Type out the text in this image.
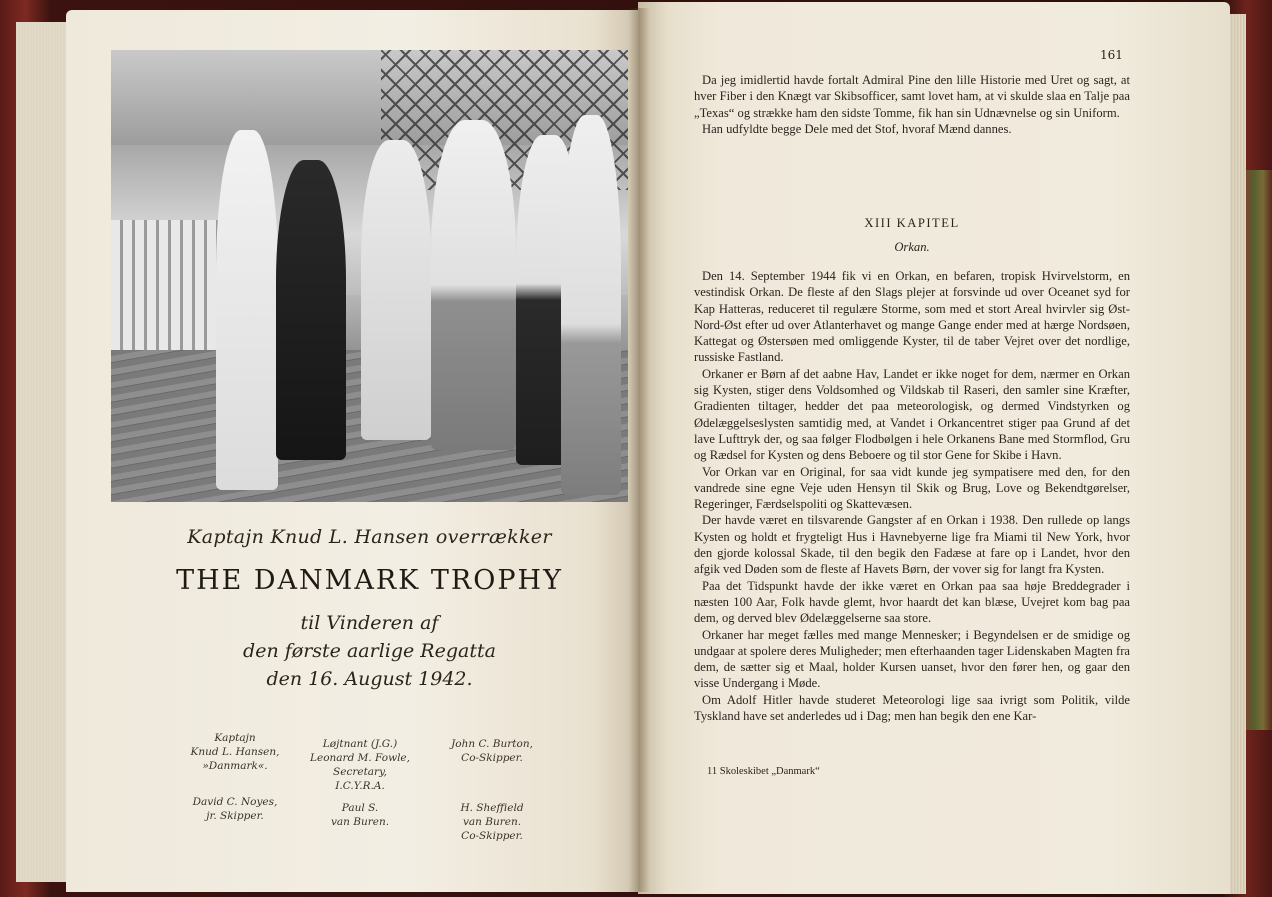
Kaptajn Knud L. Hansen overrækker
THE DANMARK TROPHY
til Vinderen af
den første aarlige Regatta
den 16. August 1942.
Kaptajn
Knud L. Hansen,
»Danmark«.
Løjtnant (J.G.)
Leonard M. Fowle,
Secretary,
I.C.Y.R.A.
John C. Burton,
Co-Skipper.
David C. Noyes,
jr. Skipper.
Paul S.
van Buren.
H. Sheffield
van Buren.
Co-Skipper.
161

Da jeg imidlertid havde fortalt Admiral Pine den lille Historie med Uret og sagt, at hver Fiber i den Knægt var Skibsofficer, samt lovet ham, at vi skulde slaa en Talje paa „Texas“ og strække ham den sidste Tomme, fik han sin Udnævnelse og sin Uniform.

Han udfyldte begge Dele med det Stof, hvoraf Mænd dannes.

XIII KAPITEL
Orkan.

Den 14. September 1944 fik vi en Orkan, en befaren, tropisk Hvirvelstorm, en vestindisk Orkan. De fleste af den Slags plejer at forsvinde ud over Oceanet syd for Kap Hatteras, reduceret til regulære Storme, som med et stort Areal hvirvler sig Øst-Nord-Øst efter ud over Atlanterhavet og mange Gange ender med at hærge Nordsøen, Kattegat og Østersøen med omliggende Kyster, til de taber Vejret over det nordlige, russiske Fastland.

Orkaner er Børn af det aabne Hav, Landet er ikke noget for dem, nærmer en Orkan sig Kysten, stiger dens Voldsomhed og Vildskab til Raseri, den samler sine Kræfter, Gradienten tiltager, hedder det paa meteorologisk, og dermed Vindstyrken og Ødelæggelseslysten samtidig med, at Vandet i Orkancentret stiger paa Grund af det lave Lufttryk der, og saa følger Flodbølgen i hele Orkanens Bane med Stormflod, Gru og Rædsel for Kysten og dens Beboere og til stor Gene for Skibe i Havn.

Vor Orkan var en Original, for saa vidt kunde jeg sympatisere med den, for den vandrede sine egne Veje uden Hensyn til Skik og Brug, Love og Bekendtgørelser, Regeringer, Færdselspoliti og Skattevæsen.

Der havde været en tilsvarende Gangster af en Orkan i 1938. Den rullede op langs Kysten og holdt et frygteligt Hus i Havnebyerne lige fra Miami til New York, hvor den gjorde kolossal Skade, til den begik den Fadæse at fare op i Landet, hvor den afgik ved Døden som de fleste af Havets Børn, der vover sig for langt fra Kysten.

Paa det Tidspunkt havde der ikke været en Orkan paa saa høje Breddegrader i næsten 100 Aar, Folk havde glemt, hvor haardt det kan blæse, Uvejret kom bag paa dem, og derved blev Ødelæggelserne saa store.

Orkaner har meget fælles med mange Mennesker; i Begyndelsen er de smidige og undgaar at spolere deres Muligheder; men efterhaanden tager Lidenskaben Magten fra dem, de sætter sig et Maal, holder Kursen uanset, hvor den fører hen, og gaar den visse Undergang i Møde.

Om Adolf Hitler havde studeret Meteorologi lige saa ivrigt som Politik, vilde Tyskland have set anderledes ud i Dag; men han begik den ene Kar-

11 Skoleskibet „Danmark“
